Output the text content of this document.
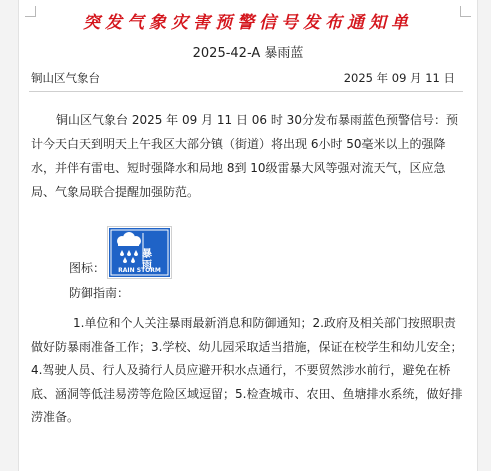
突发气象灾害预警信号发布通知单
2025-42-A 暴雨蓝
铜山区气象台	2025 年 09 月 11 日

铜山区气象台 2025 年 09 月 11 日 06 时 30分发布暴雨蓝色预警信号：预计今天白天到明天上午我区大部分镇（街道）将出现 6小时 50毫米以上的强降水，并伴有雷电、短时强降水和局地 8到 10级雷暴大风等强对流天气，区应急局、气象局联合提醒加强防范。

暴雨
RAIN STORM
图标：
防御指南：

1.单位和个人关注暴雨最新消息和防御通知；2.政府及相关部门按照职责做好防暴雨准备工作；3.学校、幼儿园采取适当措施，保证在校学生和幼儿安全；4.驾驶人员、行人及骑行人员应避开积水点通行，不要贸然涉水前行，避免在桥底、涵洞等低洼易涝等危险区域逗留；5.检查城市、农田、鱼塘排水系统，做好排涝准备。
